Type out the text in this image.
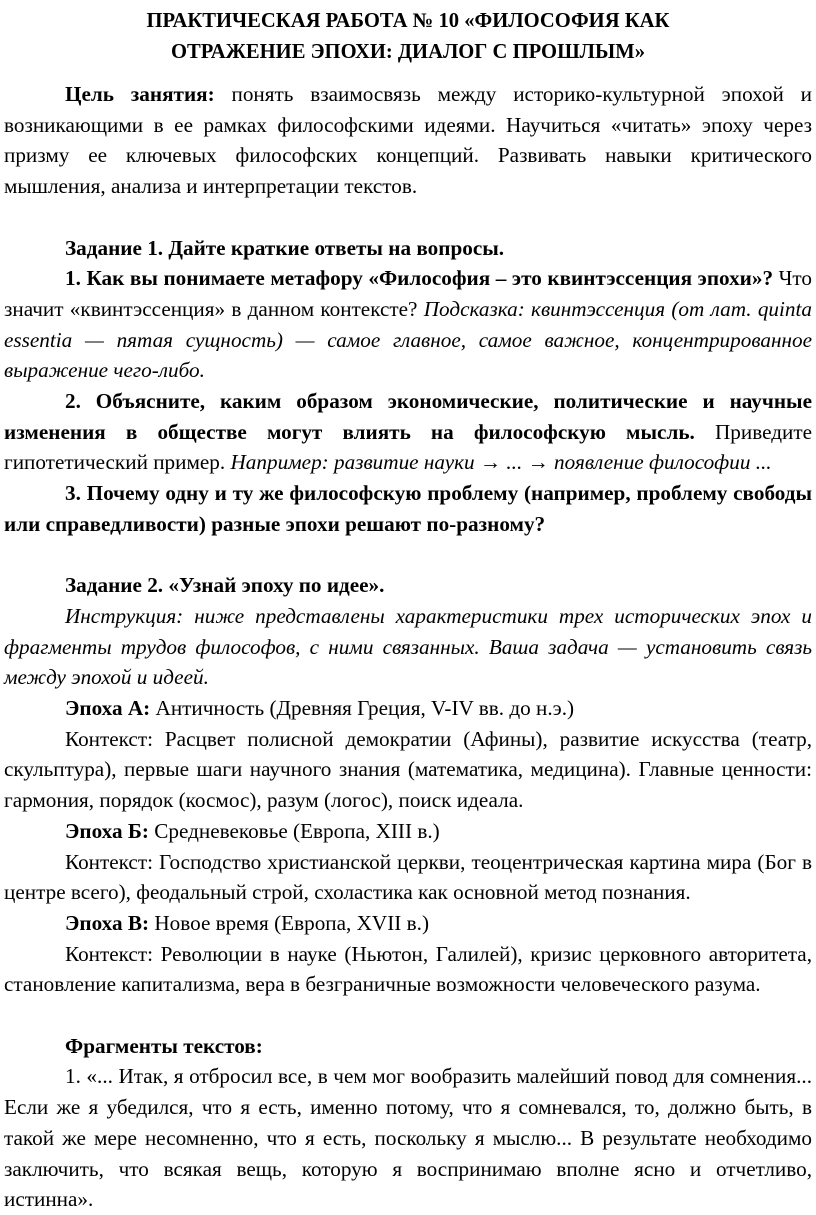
ПРАКТИЧЕСКАЯ РАБОТА № 10 «ФИЛОСОФИЯ КАК
ОТРАЖЕНИЕ ЭПОХИ: ДИАЛОГ С ПРОШЛЫМ»

Цель занятия: понять взаимосвязь между историко-культурной эпохой и возникающими в ее рамках философскими идеями. Научиться «читать» эпоху через призму ее ключевых философских концепций. Развивать навыки критического мышления, анализа и интерпретации текстов.

Задание 1. Дайте краткие ответы на вопросы.

1. Как вы понимаете метафору «Философия – это квинтэссенция эпохи»? Что значит «квинтэссенция» в данном контексте? Подсказка: квинтэссенция (от лат. quinta essentia — пятая сущность) — самое главное, самое важное, концентрированное выражение чего-либо.

2. Объясните, каким образом экономические, политические и научные изменения в обществе могут влиять на философскую мысль. Приведите гипотетический пример. Например: развитие науки → ... → появление философии ...

3. Почему одну и ту же философскую проблему (например, проблему свободы или справедливости) разные эпохи решают по-разному?

Задание 2. «Узнай эпоху по идее».

Инструкция: ниже представлены характеристики трех исторических эпох и фрагменты трудов философов, с ними связанных. Ваша задача — установить связь между эпохой и идеей.

Эпоха А: Античность (Древняя Греция, V-IV вв. до н.э.)

Контекст: Расцвет полисной демократии (Афины), развитие искусства (театр, скульптура), первые шаги научного знания (математика, медицина). Главные ценности: гармония, порядок (космос), разум (логос), поиск идеала.

Эпоха Б: Средневековье (Европа, XIII в.)

Контекст: Господство христианской церкви, теоцентрическая картина мира (Бог в центре всего), феодальный строй, схоластика как основной метод познания.

Эпоха В: Новое время (Европа, XVII в.)

Контекст: Революции в науке (Ньютон, Галилей), кризис церковного авторитета, становление капитализма, вера в безграничные возможности человеческого разума.

Фрагменты текстов:

1. «... Итак, я отбросил все, в чем мог вообразить малейший повод для сомнения... Если же я убедился, что я есть, именно потому, что я сомневался, то, должно быть, в такой же мере несомненно, что я есть, поскольку я мыслю... В результате необходимо заключить, что всякая вещь, которую я воспринимаю вполне ясно и отчетливо, истинна».
